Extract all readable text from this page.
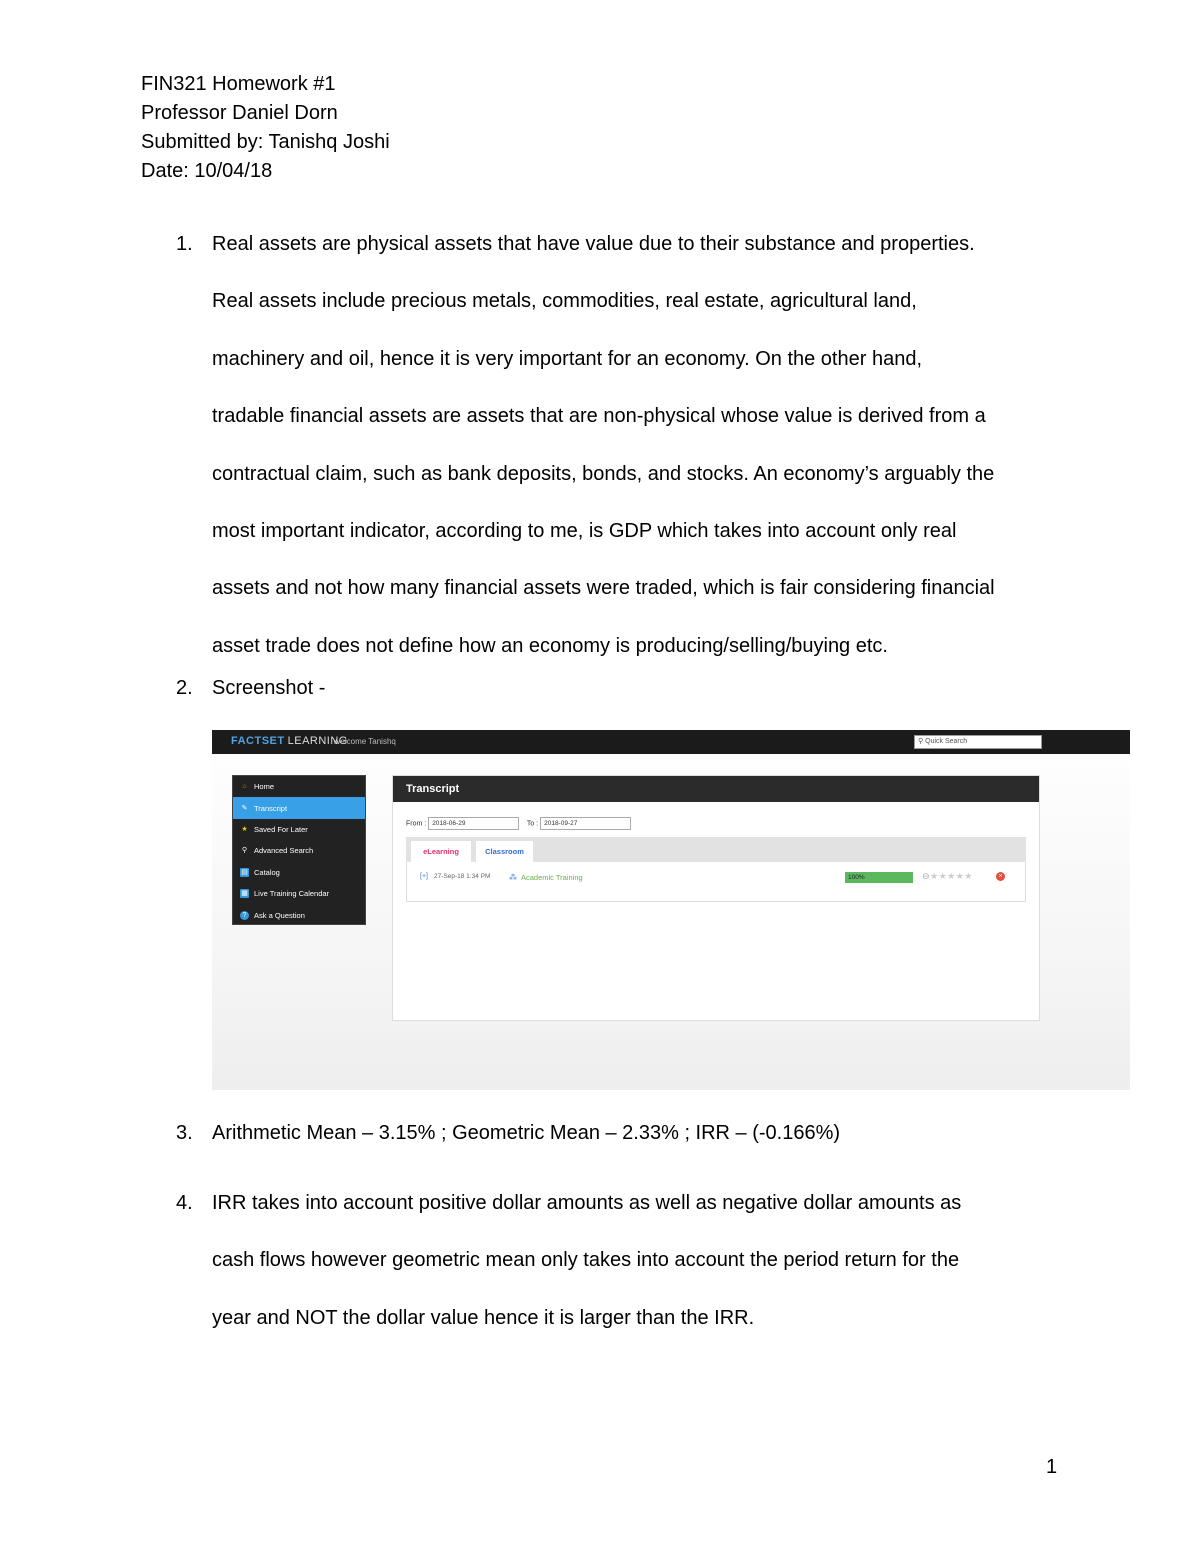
FIN321 Homework #1
Professor Daniel Dorn
Submitted by: Tanishq Joshi
Date: 10/04/18
1. Real assets are physical assets that have value due to their substance and properties.
Real assets include precious metals, commodities, real estate, agricultural land,
machinery and oil, hence it is very important for an economy. On the other hand,
tradable financial assets are assets that are non-physical whose value is derived from a
contractual claim, such as bank deposits, bonds, and stocks. An economy’s arguably the
most important indicator, according to me, is GDP which takes into account only real
assets and not how many financial assets were traded, which is fair considering financial
asset trade does not define how an economy is producing/selling/buying etc.
2. Screenshot -
FACTSET LEARNING
Welcome Tanishq	⚲ Quick Search
⌂ Home
✎ Transcript
★ Saved For Later
⚲ Advanced Search
▤ Catalog
▦ Live Training Calendar
?	Ask a Question
Transcript
From : 2018-06-29	To : 2018-09-27
eLearning	Classroom
[+] 27-Sep-18 1:34 PM ⁂ Academic Training	100%	⊖★★★★★	×
3. Arithmetic Mean – 3.15% ; Geometric Mean – 2.33% ; IRR – (-0.166%)
4. IRR takes into account positive dollar amounts as well as negative dollar amounts as
cash flows however geometric mean only takes into account the period return for the
year and NOT the dollar value hence it is larger than the IRR.
1
